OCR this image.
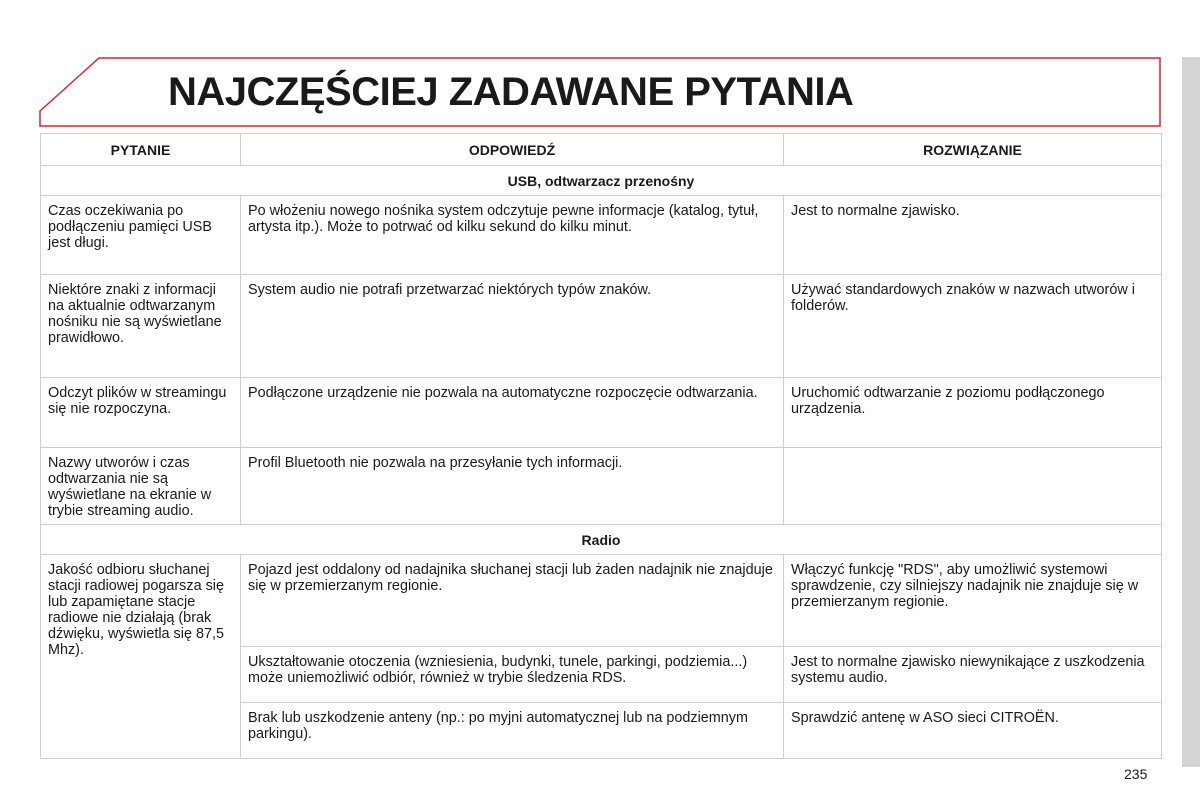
NAJCZĘŚCIEJ ZADAWANE PYTANIA
PYTANIE	ODPOWIEDŹ	ROZWIĄZANIE
USB, odtwarzacz przenośny		
Czas oczekiwania po podłączeniu pamięci USB jest długi.	Po włożeniu nowego nośnika system odczytuje pewne informacje (katalog, tytuł, artysta itp.). Może to potrwać od kilku sekund do kilku minut.	Jest to normalne zjawisko.
Niektóre znaki z informacji na aktualnie odtwarzanym nośniku nie są wyświetlane prawidłowo.	System audio nie potrafi przetwarzać niektórych typów znaków.	Używać standardowych znaków w nazwach utworów i folderów.
Odczyt plików w streamingu się nie rozpoczyna.	Podłączone urządzenie nie pozwala na automatyczne rozpoczęcie odtwarzania.	Uruchomić odtwarzanie z poziomu podłączonego urządzenia.
Nazwy utworów i czas odtwarzania nie są wyświetlane na ekranie w trybie streaming audio.	Profil Bluetooth nie pozwala na przesyłanie tych informacji.	
Radio		
Jakość odbioru słuchanej stacji radiowej pogarsza się lub zapamiętane stacje radiowe nie działają (brak dźwięku, wyświetla się 87,5 Mhz).	Pojazd jest oddalony od nadajnika słuchanej stacji lub żaden nadajnik nie znajduje się w przemierzanym regionie.	Włączyć funkcję "RDS", aby umożliwić systemowi sprawdzenie, czy silniejszy nadajnik nie znajduje się w przemierzanym regionie.
	Ukształtowanie otoczenia (wzniesienia, budynki, tunele, parkingi, podziemia...) może uniemożliwić odbiór, również w trybie śledzenia RDS.	Jest to normalne zjawisko niewynikające z uszkodzenia systemu audio.
	Brak lub uszkodzenie anteny (np.: po myjni automatycznej lub na podziemnym parkingu).	Sprawdzić antenę w ASO sieci CITROËN.
235
